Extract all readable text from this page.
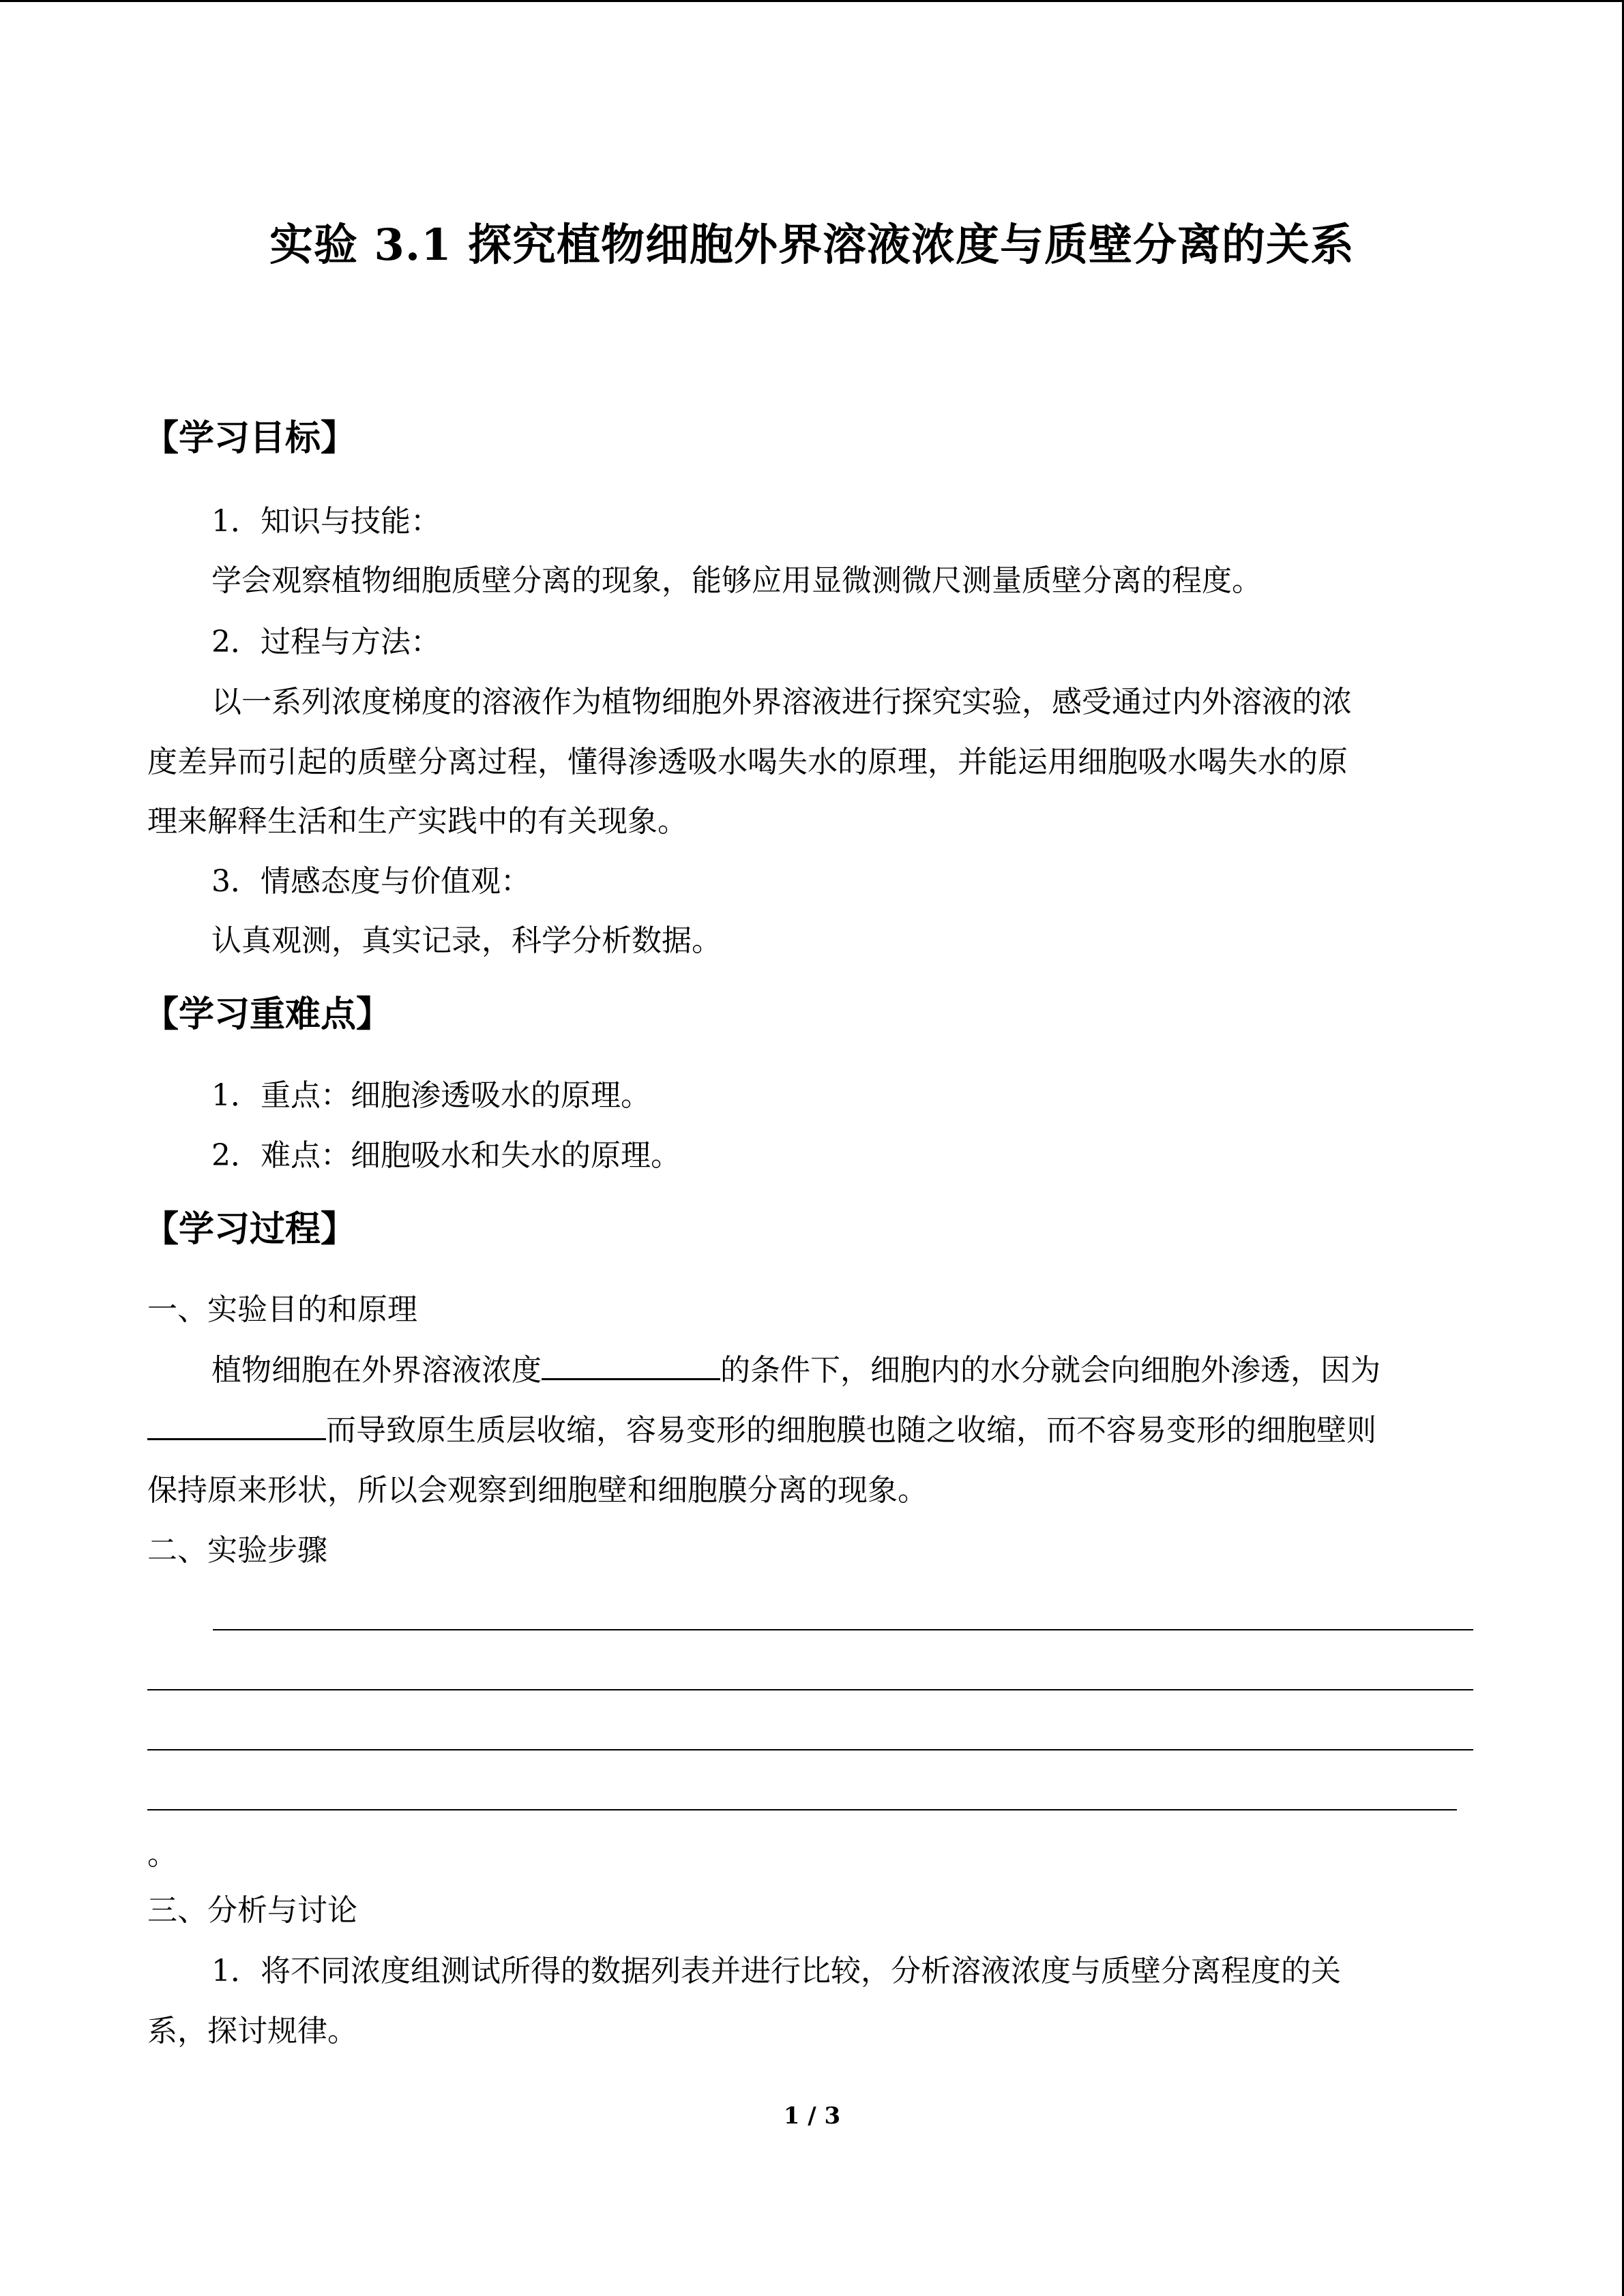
实验 3.1 探究植物细胞外界溶液浓度与质壁分离的关系
【学习目标】
1．知识与技能：
学会观察植物细胞质壁分离的现象，能够应用显微测微尺测量质壁分离的程度。
2．过程与方法：
以一系列浓度梯度的溶液作为植物细胞外界溶液进行探究实验，感受通过内外溶液的浓
度差异而引起的质壁分离过程，懂得渗透吸水喝失水的原理，并能运用细胞吸水喝失水的原
理来解释生活和生产实践中的有关现象。
3．情感态度与价值观：
认真观测，真实记录，科学分析数据。
【学习重难点】
1．重点：细胞渗透吸水的原理。
2．难点：细胞吸水和失水的原理。
【学习过程】
一、实验目的和原理
植物细胞在外界溶液浓度	的条件下，细胞内的水分就会向细胞外渗透，因为
而导致原生质层收缩，容易变形的细胞膜也随之收缩，而不容易变形的细胞壁则
保持原来形状，所以会观察到细胞壁和细胞膜分离的现象。
二、实验步骤
。
三、分析与讨论
1．将不同浓度组测试所得的数据列表并进行比较，分析溶液浓度与质壁分离程度的关
系，探讨规律。
1 / 3
